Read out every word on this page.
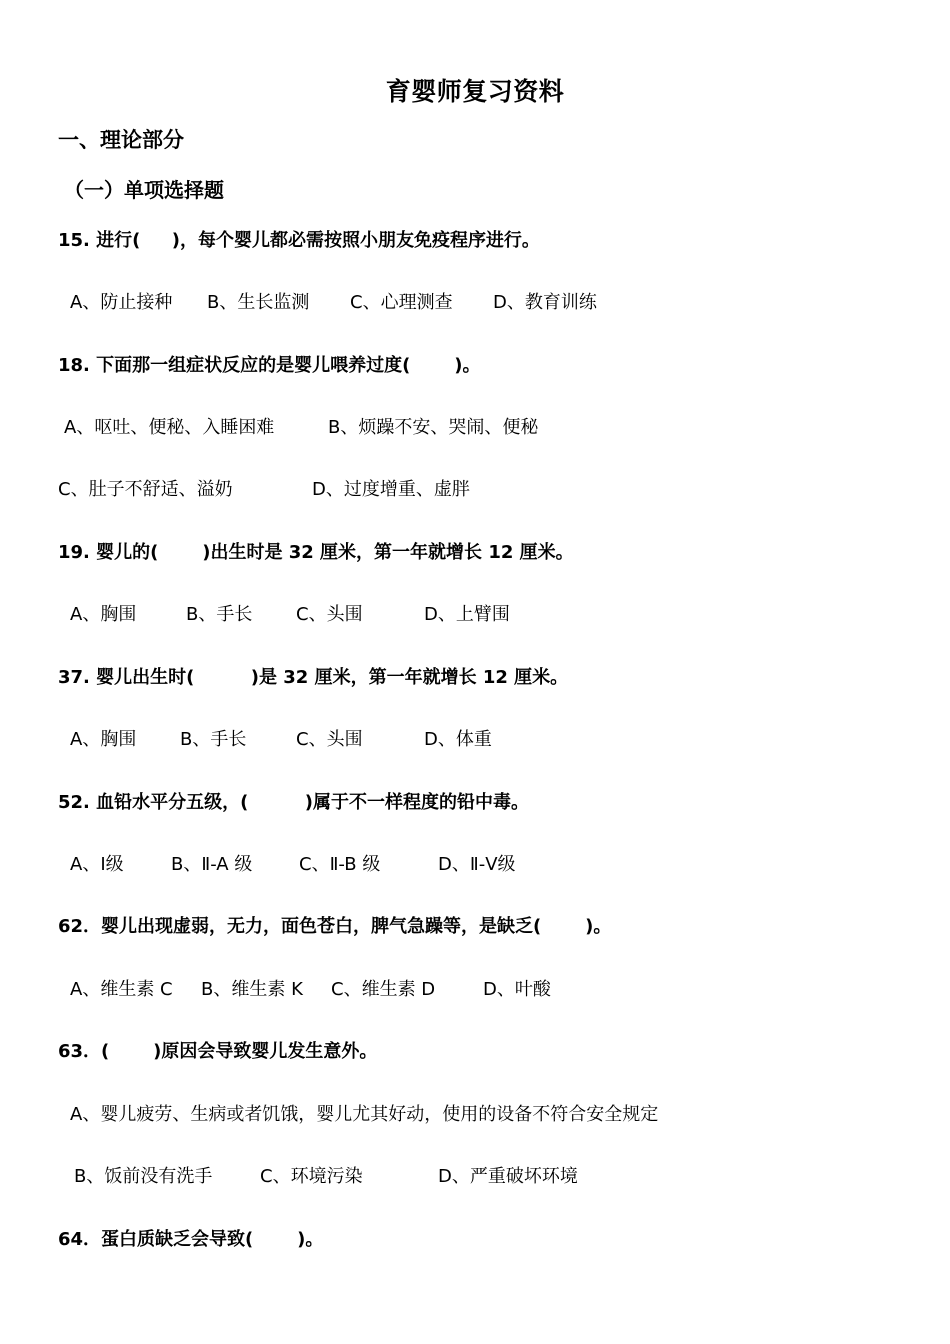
育婴师复习资料
一、理论部分
（一）单项选择题
15. 进行(     )，每个婴儿都必需按照小朋友免疫程序进行。
A、防止接种 B、生长监测 C、心理测查 D、教育训练
18. 下面那一组症状反应的是婴儿喂养过度(       )。
A、呕吐、便秘、入睡困难	B、烦躁不安、哭闹、便秘
C、肚子不舒适、溢奶	D、过度增重、虚胖
19. 婴儿的(       )出生时是 32 厘米，第一年就增长 12 厘米。
A、胸围	B、手长 C、头围	D、上臂围
37. 婴儿出生时(         )是 32 厘米，第一年就增长 12 厘米。
A、胸围 B、手长	C、头围	D、体重
52. 血铅水平分五级，(         )属于不一样程度的铅中毒。
A、Ⅰ级	B、Ⅱ-A 级	C、Ⅱ-B 级	D、Ⅱ-Ⅴ级
62．婴儿出现虚弱，无力，面色苍白，脾气急躁等，是缺乏(       )。
A、维生素 C B、维生素 K C、维生素 D	D、叶酸
63．(       )原因会导致婴儿发生意外。
A、婴儿疲劳、生病或者饥饿，婴儿尤其好动，使用的设备不符合安全规定
B、饭前没有洗手	C、环境污染	D、严重破坏环境
64．蛋白质缺乏会导致(       )。
